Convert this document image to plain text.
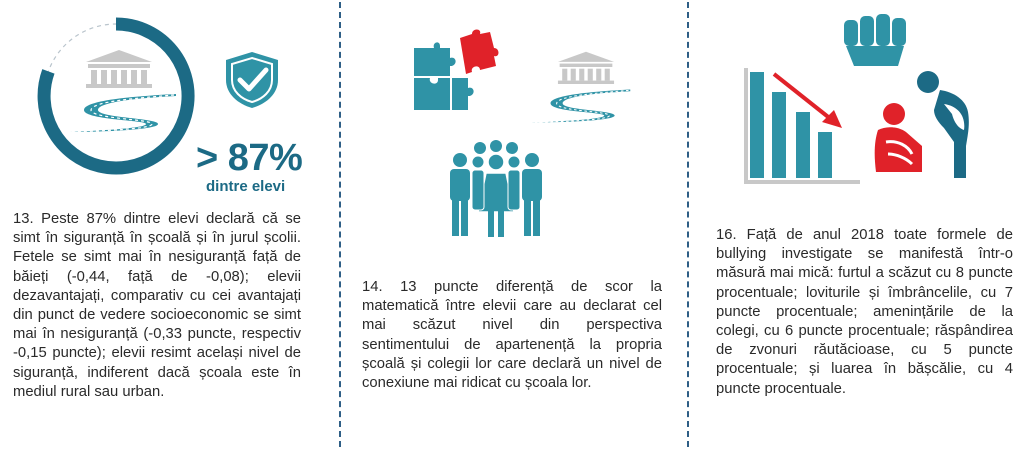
> 87%
dintre elevi

13. Peste 87% dintre elevi declară că se simt în siguranță în școală și în jurul școlii. Fetele se simt mai în nesiguranță față de băieți (-0,44, față de -0,08); elevii dezavantajați, comparativ cu cei avantajați din punct de vedere socioeconomic se simt mai în nesiguranță (-0,33 puncte, respectiv -0,15 puncte); elevii resimt același nivel de siguranță, indiferent dacă școala este în mediul rural sau urban.

14. 13 puncte diferență de scor la matematică între elevii care au declarat cel mai scăzut nivel din perspectiva sentimentului de apartenență la propria școală și colegii lor care declară un nivel de conexiune mai ridicat cu școala lor.

16. Față de anul 2018 toate formele de bullying investigate se manifestă într-o măsură mai mică: furtul a scăzut cu 8 puncte procentuale; loviturile și îmbrâncelile, cu 7 puncte procentuale; amenințările de la colegi, cu 6 puncte procentuale; răspândirea de zvonuri răutăcioase, cu 5 puncte procentuale; și luarea în bășcălie, cu 4 puncte procentuale.
